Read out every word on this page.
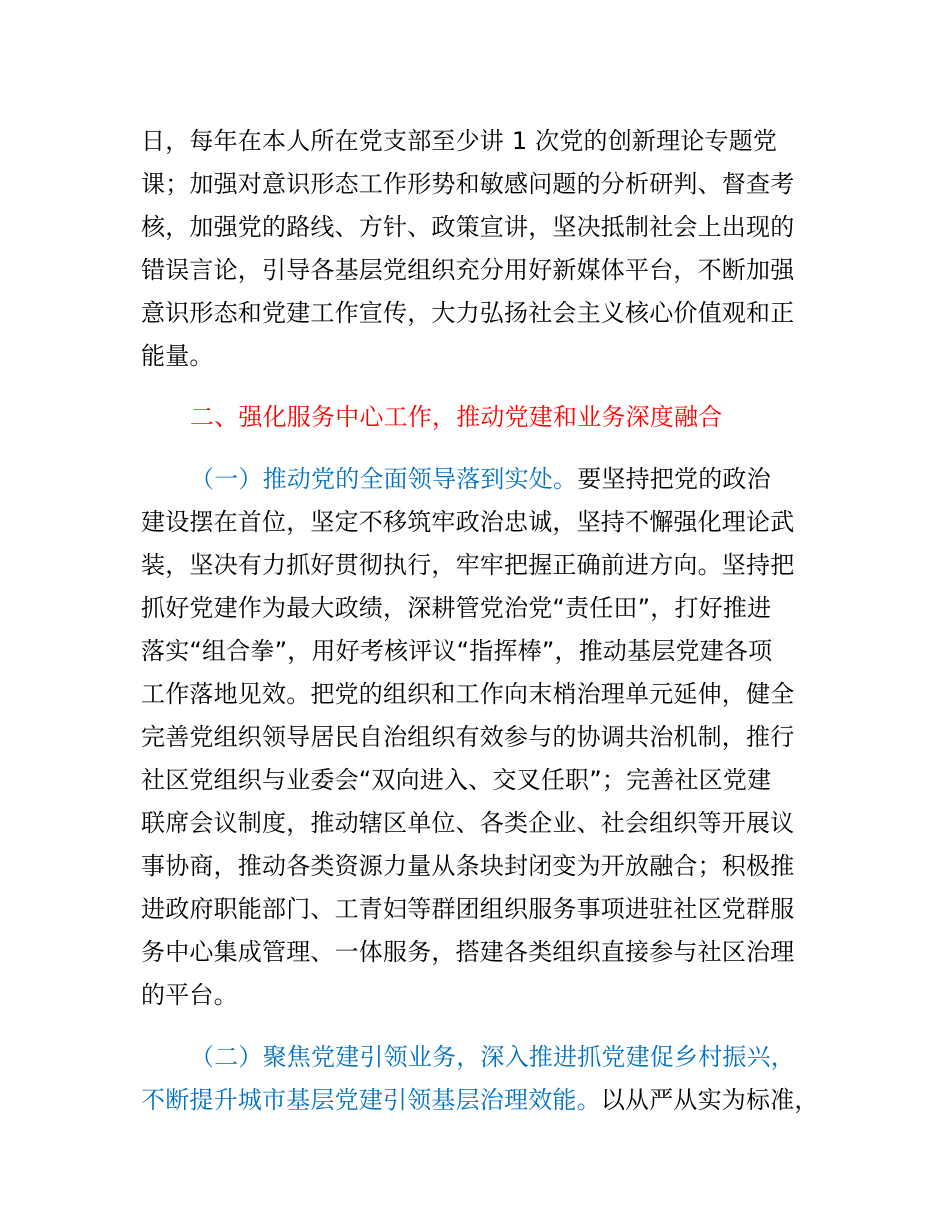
日，每年在本人所在党支部至少讲 1 次党的创新理论专题党
课；加强对意识形态工作形势和敏感问题的分析研判、督查考
核，加强党的路线、方针、政策宣讲，坚决抵制社会上出现的
错误言论，引导各基层党组织充分用好新媒体平台，不断加强
意识形态和党建工作宣传，大力弘扬社会主义核心价值观和正
能量。
二、强化服务中心工作，推动党建和业务深度融合
（一）推动党的全面领导落到实处。要坚持把党的政治
建设摆在首位，坚定不移筑牢政治忠诚，坚持不懈强化理论武
装，坚决有力抓好贯彻执行，牢牢把握正确前进方向。坚持把
抓好党建作为最大政绩，深耕管党治党“责任田”，打好推进
落实“组合拳”，用好考核评议“指挥棒”，推动基层党建各项
工作落地见效。把党的组织和工作向末梢治理单元延伸，健全
完善党组织领导居民自治组织有效参与的协调共治机制，推行
社区党组织与业委会“双向进入、交叉任职”；完善社区党建
联席会议制度，推动辖区单位、各类企业、社会组织等开展议
事协商，推动各类资源力量从条块封闭变为开放融合；积极推
进政府职能部门、工青妇等群团组织服务事项进驻社区党群服
务中心集成管理、一体服务，搭建各类组织直接参与社区治理
的平台。
（二）聚焦党建引领业务，深入推进抓党建促乡村振兴，
不断提升城市基层党建引领基层治理效能。以从严从实为标准，
